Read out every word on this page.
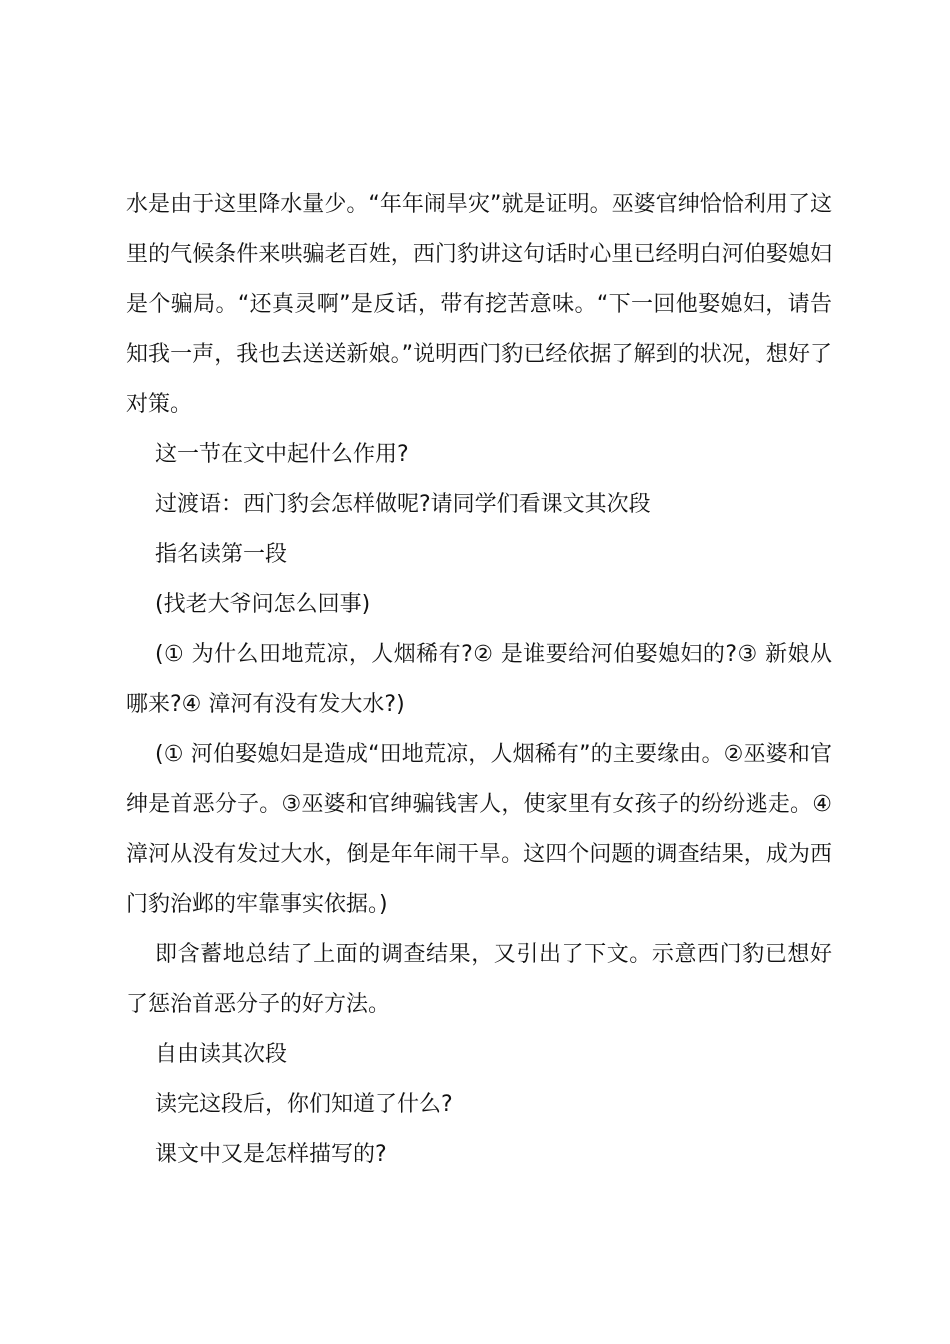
水是由于这里降水量少。“年年闹旱灾”就是证明。巫婆官绅恰恰利用了这里的气候条件来哄骗老百姓，西门豹讲这句话时心里已经明白河伯娶媳妇是个骗局。“还真灵啊”是反话，带有挖苦意味。“下一回他娶媳妇，请告知我一声，我也去送送新娘。”说明西门豹已经依据了解到的状况，想好了对策。

这一节在文中起什么作用?

过渡语：西门豹会怎样做呢?请同学们看课文其次段

指名读第一段

(找老大爷问怎么回事)

(① 为什么田地荒凉，人烟稀有?② 是谁要给河伯娶媳妇的?③ 新娘从哪来?④ 漳河有没有发大水?)

(① 河伯娶媳妇是造成“田地荒凉，人烟稀有”的主要缘由。②巫婆和官绅是首恶分子。③巫婆和官绅骗钱害人，使家里有女孩子的纷纷逃走。④漳河从没有发过大水，倒是年年闹干旱。这四个问题的调查结果，成为西门豹治邺的牢靠事实依据。)

即含蓄地总结了上面的调查结果，又引出了下文。示意西门豹已想好了惩治首恶分子的好方法。

自由读其次段

读完这段后，你们知道了什么?

课文中又是怎样描写的?
